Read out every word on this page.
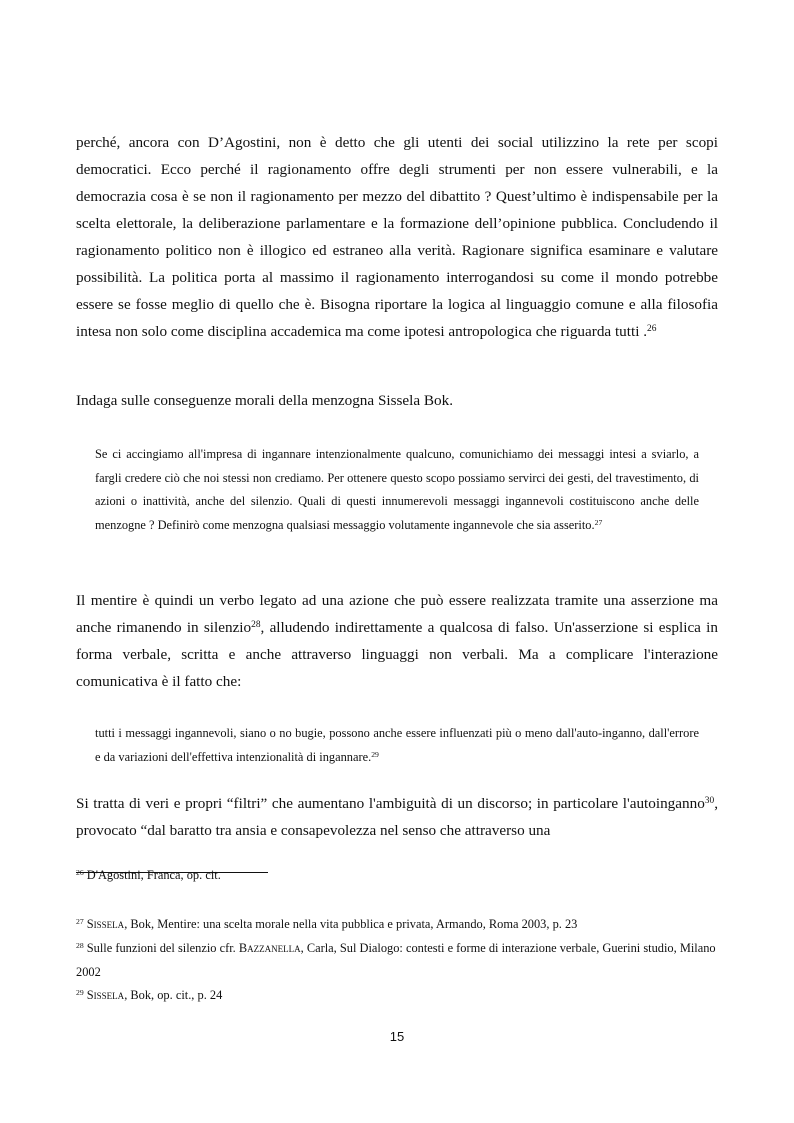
perché, ancora con D’Agostini, non è detto che gli utenti dei social utilizzino la rete per scopi democratici. Ecco perché il ragionamento offre degli strumenti per non essere vulnerabili, e la democrazia cosa è se non il ragionamento per mezzo del dibattito ? Quest’ultimo è indispensabile per la scelta elettorale, la deliberazione parlamentare e la formazione dell’opinione pubblica. Concludendo il ragionamento politico non è illogico ed estraneo alla verità. Ragionare significa esaminare e valutare possibilità. La politica porta al massimo il ragionamento interrogandosi su come il mondo potrebbe essere se fosse meglio di quello che è. Bisogna riportare la logica al linguaggio comune e alla filosofia intesa non solo come disciplina accademica ma come ipotesi antropologica che riguarda tutti .$^{26}$

Indaga sulle conseguenze morali della menzogna Sissela Bok.

Se ci accingiamo all'impresa di ingannare intenzionalmente qualcuno, comunichiamo dei messaggi intesi a sviarlo, a fargli credere ciò che noi stessi non crediamo. Per ottenere questo scopo possiamo servirci dei gesti, del travestimento, di azioni o inattività, anche del silenzio. Quali di questi innumerevoli messaggi ingannevoli costituiscono anche delle menzogne ? Definirò come menzogna qualsiasi messaggio volutamente ingannevole che sia asserito.$^{27}$

Il mentire è quindi un verbo legato ad una azione che può essere realizzata tramite una asserzione ma anche rimanendo in silenzio$^{28}$, alludendo indirettamente a qualcosa di falso. Un'asserzione si esplica in forma verbale, scritta e anche attraverso linguaggi non verbali. Ma a complicare l'interazione comunicativa è il fatto che:

tutti i messaggi ingannevoli, siano o no bugie, possono anche essere influenzati più o meno dall'auto-inganno, dall'errore e da variazioni dell'effettiva intenzionalità di ingannare.$^{29}$

Si tratta di veri e propri “filtri” che aumentano l'ambiguità di un discorso; in particolare l'autoinganno$^{30}$, provocato “dal baratto tra ansia e consapevolezza nel senso che attraverso una

$^{26}$ D'Agostini, Franca, op. cit.

$^{27}$ Sissela, Bok, Mentire: una scelta morale nella vita pubblica e privata, Armando, Roma 2003, p. 23

$^{28}$ Sulle funzioni del silenzio cfr. Bazzanella, Carla, Sul Dialogo: contesti e forme di interazione verbale, Guerini studio, Milano 2002

$^{29}$ Sissela, Bok, op. cit., p. 24

15
